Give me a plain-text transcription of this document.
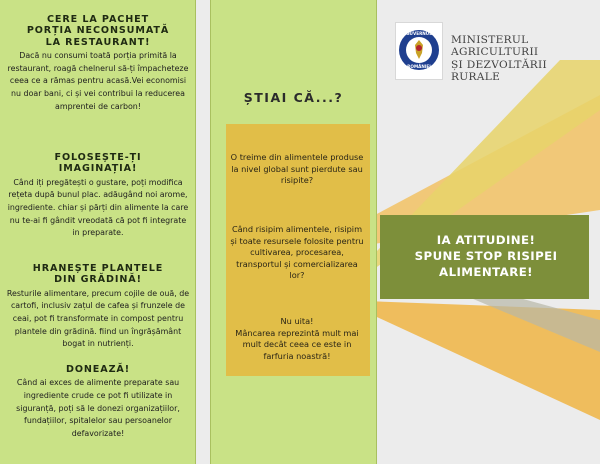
CERE LA PACHET
PORȚIA NECONSUMATĂ
LA RESTAURANT!
Dacă nu consumi toată porția primită la restaurant, roagă chelnerul să-ți împacheteze ceea ce a rămas pentru acasă.Vei economisi nu doar bani, ci și vei contribui la reducerea amprentei de carbon!
FOLOSEȘTE-ȚI
IMAGINAȚIA!
Când iți pregătești o gustare, poți modifica rețeta după bunul plac. adăugând noi arome, ingrediente. chiar și părți din alimente la care nu te-ai fi gândit vreodată că pot fi integrate in preparate.
HRANEȘTE PLANTELE
DIN GRĂDINĂ!
Resturile alimentare, precum cojile de ouă, de cartofi, inclusiv zațul de cafea și frunzele de ceai, pot fi transformate in compost pentru plantele din grădină. fiind un îngrășământ bogat in nutrienți.
DONEAZĂ!
Când ai exces de alimente preparate sau ingrediente crude ce pot fi utilizate in siguranță, poți să le donezi organizațiilor, fundațiilor, spitalelor sau persoanelor defavorizate!
ȘTIAI CĂ...?
O treime din alimentele produse la nivel global sunt pierdute sau risipite?
Când risipim alimentele, risipim și toate resursele folosite pentru cultivarea, procesarea, transportul și comercializarea lor?
Nu uita!
Mâncarea reprezintă mult mai mult decât ceea ce este in farfuria noastră!
GUVERNUL
ROMÂNIEI
MINISTERUL AGRICULTURII
ȘI DEZVOLTĂRII RURALE
IA ATITUDINE!
SPUNE STOP RISIPEI
ALIMENTARE!
